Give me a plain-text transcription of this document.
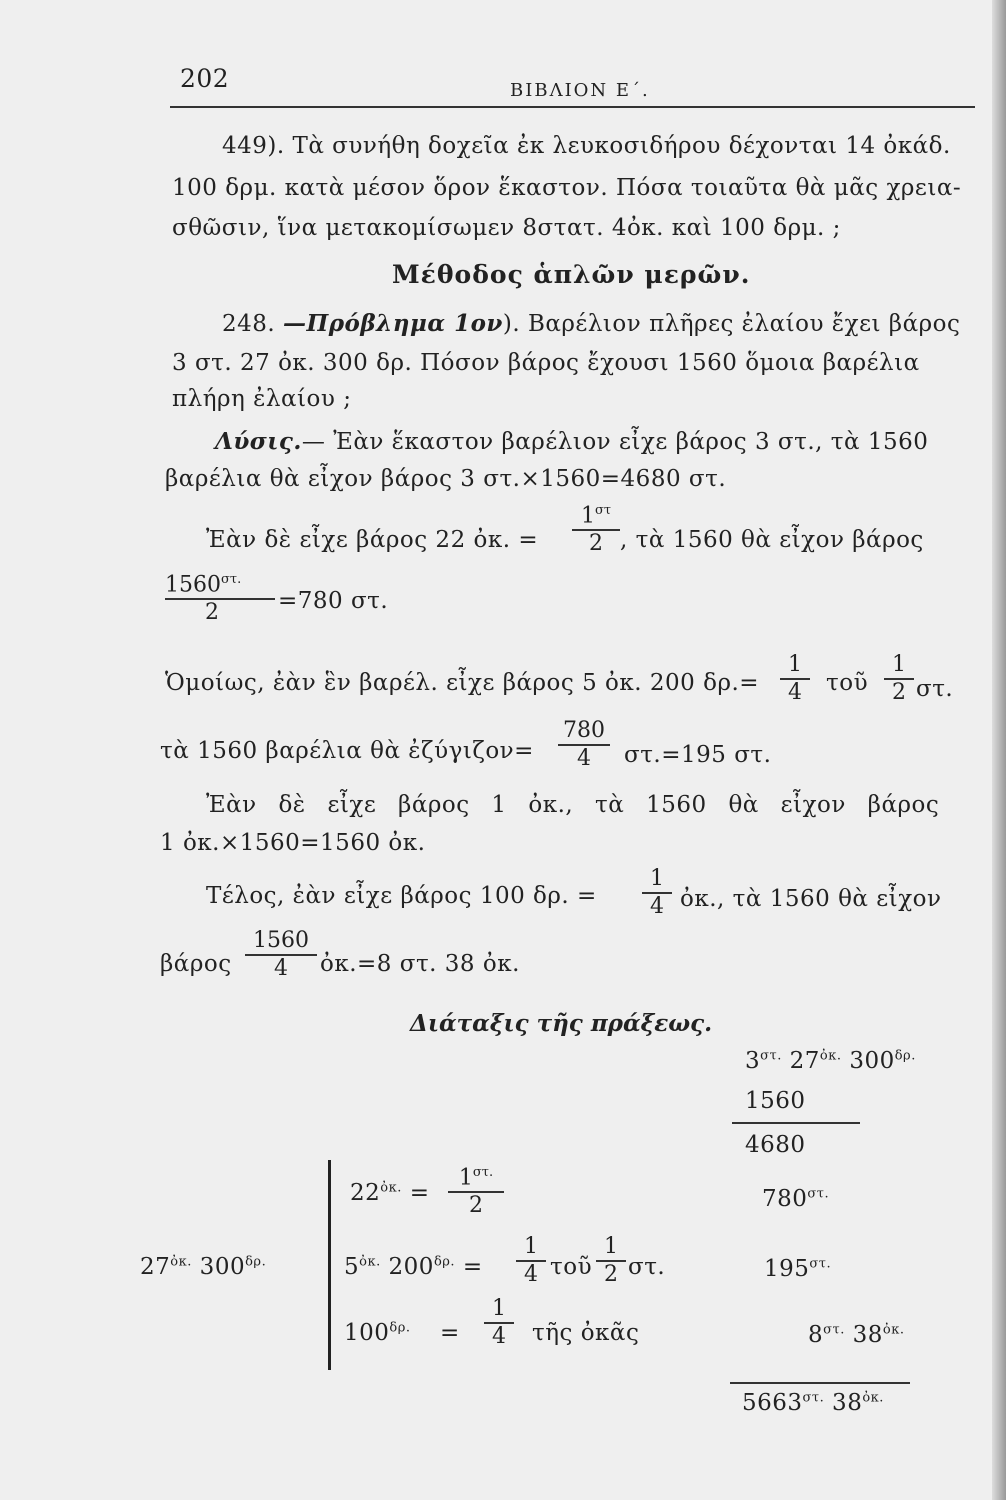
202	ΒΙΒΛΙΟΝ Ε΄.
449). Τὰ συνήθη δοχεῖα ἐκ λευκοσιδήρου δέχονται 14 ὀκάδ.
100 δρμ. κατὰ μέσον ὅρον ἕκαστον. Πόσα τοιαῦτα θὰ μᾶς χρεια-
σθῶσιν, ἵνα μετακομίσωμεν 8στατ. 4ὀκ. καὶ 100 δρμ. ;
Μέθοδος ἁπλῶν μερῶν.
248. —Πρόβλημα 1ον). Βαρέλιον πλῆρες ἐλαίου ἔχει βάρος
3 στ. 27 ὀκ. 300 δρ. Πόσον βάρος ἔχουσι 1560 ὅμοια βαρέλια
πλήρη ἐλαίου ;
Λύσις.— Ἐὰν ἕκαστον βαρέλιον εἶχε βάρος 3 στ., τὰ 1560
βαρέλια θὰ εἶχον βάρος 3 στ.×1560=4680 στ.
Ἐὰν δὲ εἶχε βάρος 22 ὀκ. = $\frac{1^{\sigma\tau}}{2}$ , τὰ 1560 θὰ εἶχον βάρος
$\frac{1560^{\sigma\tau.}}{2} =780$ στ.
Ὁμοίως, ἐὰν ἓν βαρέλ. εἶχε βάρος 5 ὀκ. 200 $\delta\rho.= \frac{1}{4}$ τοῦ $\frac{1}{2} \sigma\tau$.
τὰ 1560 βαρέλια θὰ ἐζύγιζον= $\frac{780}{4} \sigma\tau.=195$ στ.
Ἐὰν δὲ εἶχε βάρος 1 ὀκ., τὰ 1560 θὰ εἶχον βάρος
1 ὀκ.×1560=1560 ὀκ.
Τέλος, ἐὰν εἶχε βάρος 100 δρ. = $\frac{1}{4}$ ὀκ., τὰ 1560 θὰ εἶχον
βάρος $\frac{1560}{4}$ ὀκ.=8 στ. 38 ὀκ.
Διάταξις τῆς πράξεως.
$3^{\sigma\tau.}$ $27^{ὀ\kappa.}$ $300^{\delta\rho.}$
1560
4680
$27^{ὀ\kappa.}$ $300^{\delta\rho.}$
$22^{ὀ\kappa.} = \frac{1^{\sigma\tau.}}{2}$
$5^{ὀ\kappa.}$ $200^{\delta\rho.} = \frac{1}{4}$ τοῦ $\frac{1}{2} \sigma\tau$.
$100^{\delta\rho.} = \frac{1}{4}$ τῆς ὀκᾶς
$780^{\sigma\tau.}$
$195^{\sigma\tau.}$
$8^{\sigma\tau.}$ $38^{ὀ\kappa.}$
$5663^{\sigma\tau.}$ $38^{ὀ\kappa.}$
